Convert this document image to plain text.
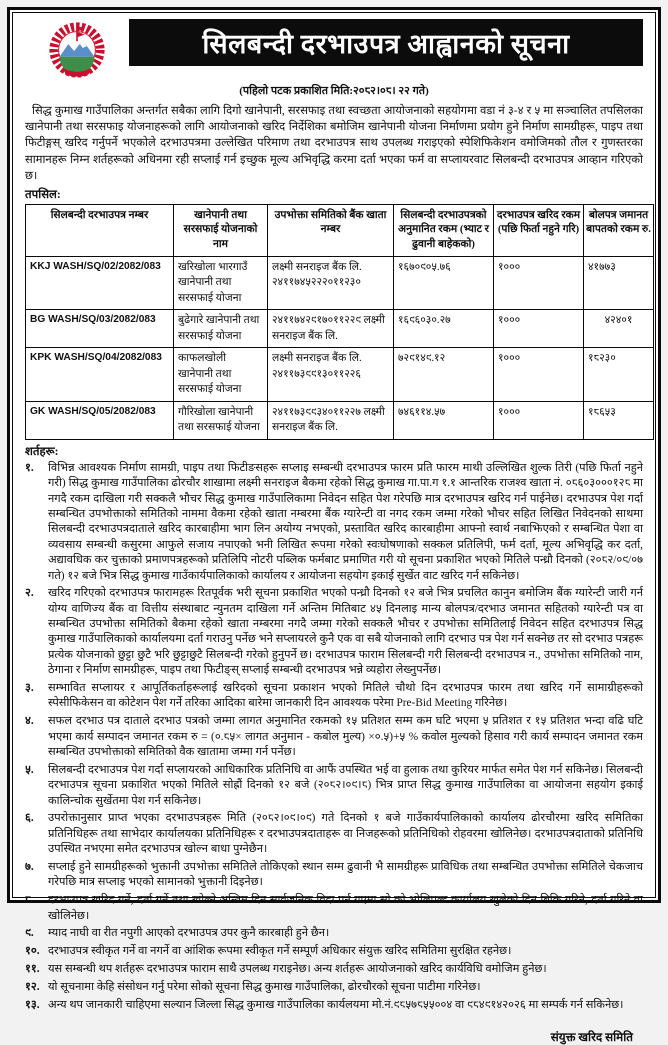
सिलबन्दी दरभाउपत्र आह्वानको सूचना
(पहिलो पटक प्रकाशित मिति:२०८२।०८। २२ गते)

सिद्ध कुमाख गाउँपालिका अन्तर्गत सबैका लागि दिगो खानेपानी, सरसफाइ तथा स्वच्छता आयोजनाको सहयोगमा वडा नं ३-४ र ५ मा सञ्चालित तपसिलका खानेपानी तथा सरसफाइ योजनाहरूको लागि आयोजनाको खरिद निर्देशिका बमोजिम खानेपानी योजना निर्माणमा प्रयोग हुने निर्माण सामग्रीहरू, पाइप तथा फिटीङ्गस् खरिद गर्नुपर्ने भएकोले दरभाउपत्रमा उल्लेखित परिमाण तथा दरभाउपत्र साथ उपलब्ध गराइएको स्पेशिफिकेशन वमोजिमको तौल र गुणस्तरका सामानहरू निम्न शर्तहरूको अधिनमा रही सप्लाई गर्न इच्छुक मूल्य अभिवृद्धि करमा दर्ता भएका फर्म वा सप्लायरवाट सिलबन्दी दरभाउपत्र आव्हान गरिएको छ।

तपसिल:
सिलबन्दी दरभाउपत्र नम्बर	खानेपानी तथा सरसफाई योजनाको नाम	उपभोक्ता समितिको बैंक खाता नम्बर	सिलबन्दी दरभाउपत्रको अनुमानित रकम (भ्याट र ढुवानी बाहेकको)	दरभाउपत्र खरिद रकम (पछि फिर्ता नहुने गरि)	बोलपत्र जमानत बापतको रकम रु.
KKJ WASH/SQ/02/2082/083	खरिखोला भारगाउँ खानेपानी तथा सरसफाई योजना	लक्ष्मी सनराइज बैंक लि. २४११७४५२२२०११२३०	१६७०९०५.७६	१०००	४१७७३
BG WASH/SQ/03/2082/083	बुढेगारे खानेपानी तथा सरसफाई योजना	२४११७४२९१७०११२२९ लक्ष्मी सनराइज बैंक लि.	१६९६०३०.२७	१०००	४२४०१
KPK WASH/SQ/04/2082/083	काफलखोली खानेपानी तथा सरसफाई योजना	लक्ष्मी सनराइज बैंक लि. २४११७३९९१३०११२२६	७२९१४९.१२	१०००	१८२३०
GK WASH/SQ/05/2082/083	गौरिखोला खानेपानी तथा सरसफाई योजना	२४११७३९९३४०११२२७ लक्ष्मी सनराइज बैंक लि.	७४६११४.५७	१०००	१८६५३
शर्तहरू:
१.	विभिन्न आवश्यक निर्माण सामग्री, पाइप तथा फिटीङसहरू सप्लाइ सम्बन्धी दरभाउपत्र फारम प्रति फारम माथी उल्लिखित शुल्क तिरी (पछि फिर्ता नहुने गरी) सिद्ध कुमाख गाउँपालिका ढोरचौर शाखामा लक्ष्मी सनराइज बैकमा रहेको सिद्ध कुमाख गा.पा.ग १.१ आन्तरिक राजश्व खाता नं. ०८६०३०००१२८ मा नगदै रकम दाखिला गरी सक्कलै भौचर सिद्ध कुमाख गाउँपालिकामा निवेदन सहित पेश गरेपछि मात्र दरभाउपत्र खरिद गर्न पाईनेछ। दरभाउपत्र पेश गर्दा सम्बन्धित उपभोक्ताको समितिको नाममा वैकमा रहेको खाता नम्बरमा बैंक ग्यारेन्टी वा नगद रकम जम्मा गरेको भौचर सहित लिखित निवेदनको साथमा सिलबन्दी दरभाउपत्रदाताले खरिद कारबाहीमा भाग लिन अयोग्य नभएको, प्रस्तावित खरिद कारबाहीमा आफ्नो स्वार्थ नबाझिएको र सम्बन्धित पेशा वा व्यवसाय सम्बन्धी कसुरमा आफुले सजाय नपाएको भनी लिखित रूपमा गरेको स्वःघोषणाको सक्कल प्रतिलिपी, फर्म दर्ता, मूल्य अभिवृद्धि कर दर्ता, अद्यावधिक कर चुक्ताको प्रमाणपत्रहरूको प्रतिलिपि नोटरी पब्लिक फर्मबाट प्रमाणित गरी यो सूचना प्रकाशित भएको मितिले पन्ध्रौ दिनको (२०८२/०९/०७ गते) १२ बजे भित्र सिद्ध कुमाख गाउँकार्यपालिकाको कार्यालय र आयोजना सहयोग इकाई सुर्खेत वाट खरिद गर्न सकिनेछ।
२.	खरिद गरिएको दरभाउपत्र फारामहरू रितपूर्वक भरी सूचना प्रकाशित भएको पन्ध्रौ दिनको १२ बजे भित्र प्रचलित कानुन बमोजिम बैंक ग्यारेन्टी जारी गर्न योग्य वाणिज्य बैंक वा वित्तीय संस्थाबाट न्युनतम दाखिला गर्ने अन्तिम मितिबाट ४५ दिनलाइ मान्य बोलपत्र/दरभाउ जमानत सहितको ग्यारेन्टी पत्र वा सम्बन्धित उपभोक्ता समितिको बैकमा रहेको खाता नम्बरमा नगदै जम्मा गरेको सक्कलै भौचर र उपभोक्ता समितिलाई निवेदन सहित दरभाउपत्र सिद्ध कुमाख गाउँपालिकाको कार्यालयमा दर्ता गराउनु पर्नेछ भने सप्लायरले कुनै एक वा सबै योजनाको लागि दरभाउ पत्र पेश गर्न सक्नेछ तर सो दरभाउ पत्रहरू प्रत्येक योजनाको छुट्टा छुटै भरि छुट्टाछुटै सिलबन्दी गरेको हुनुपर्ने छ। दरभाउपत्र फाराम सिलबन्दी गरी सिलबन्दी दरभाउपत्र न., उपभोक्ता समितिको नाम, ठेगाना र निर्माण सामग्रीहरू, पाइप तथा फिटीङ्स् सप्लाई सम्बन्धी दरभाउपत्र भन्ने व्यहोरा लेख्नुपर्नेछ।
३.	सम्भावित सप्लायर र आपूर्तिकर्ताहरूलाई खरिदको सूचना प्रकाशन भएको मितिले चौथो दिन दरभाउपत्र फारम तथा खरिद गर्ने सामाग्रीहरूको स्पेसीफिकेसन वा कोटेशन पेश गर्ने तरिका आदिका बारेमा जानकारी दिन आवश्यक परेमा Pre-Bid Meeting गरिनेछ।
४.	सफल दरभाउ पत्र दाताले दरभाउ पत्रको जम्मा लागत अनुमानित रकमको १५ प्रतिशत सम्म कम घटि भएमा ५ प्रतिशत र १५ प्रतिशत भन्दा वढि घटि भएमा कार्य सम्पादन जमानत रकम रु = (०.८५× लागत अनुमान - कबोल मुल्य) ×०.५)+५ % कवोल मुल्यको हिसाव गरी कार्य सम्पादन जमानत रकम सम्बन्धित उपभोक्ताको समितिको वैक खातामा जम्मा गर्न पर्नेछ।
५.	सिलबन्दी दरभाउपत्र पेश गर्दा सप्लायरको आधिकारिक प्रतिनिधि वा आफैं उपस्थित भई वा हुलाक तथा कुरियर मार्फत समेत पेश गर्न सकिनेछ। सिलबन्दी दरभाउपत्र सूचना प्रकाशित भएको मितिले सोह्रौं दिनको १२ बजे (२०८२।०९।८) भित्र प्राप्त सिद्ध कुमाख गाउँपालिका वा आयोजना सहयोग इकाई कालिन्चोक सुर्खेतमा पेश गर्न सकिनेछ।
६.	उपरोक्तानुसार प्राप्त भएका दरभाउपत्रहरू मिति (२०८२।०९।०९) गते दिनको १ बजे गाउँकार्यपालिकाको कार्यालय ढोरचौरमा खरिद समितिका प्रतिनिधिहरू तथा साभेदार कार्यालयका प्रतिनिधिहरू र दरभाउपत्रदाताहरू वा निजहरूको प्रतिनिधिको रोहवरमा खोलिनेछ। दरभाउपत्रदाताको प्रतिनिधि उपस्थित नभएमा समेत दरभाउपत्र खोल्न बाधा पुग्नेछैन।
७.	सप्लाई हुने सामग्रीहरूको भुक्तानी उपभोक्ता समितिले तोकिएको स्थान सम्म ढुवानी भै सामग्रीहरू प्राविधिक तथा सम्बन्धित उपभोक्ता समितिले चेकजाच गरेपछि मात्र सप्लाइ भएको सामानको भुक्तानी दिइनेछ।
८.	दरभाउपत्र खरिद गर्ने, दर्ता गर्ने तथा खोल्ने अन्तिम दिन सार्वजनिक विदा पर्न गएमा सो को भोलिपल्ट कार्यालय खुलेको दिन बिक्रि गरिने, दर्ता गरिने वा खोलिनेछ।
९.	म्याद नाघी वा रीत नपुगी आएको दरभाउपत्र उपर कुनै कारबाही हुने छैन।
१०. दरभाउपत्र स्वीकृत गर्ने वा नगर्ने वा आंशिक रूपमा स्वीकृत गर्ने सम्पूर्ण अधिकार संयुक्त खरिद समितिमा सुरक्षित रहनेछ।
११. यस सम्बन्धी थप शर्तहरू दरभाउपत्र फाराम साथै उपलब्ध गराइनेछ। अन्य शर्तहरू आयोजनाको खरिद कार्यविधि वमोजिम हुनेछ।
१२. यो सूचनामा केहि संसोधन गर्नु परेमा सोको सूचना सिद्ध कुमाख गाउँपालिका, ढोरचौरको सूचना पाटीमा गरिनेछ।
१३. अन्य थप जानकारी चाहिएमा सल्यान जिल्ला सिद्ध कुमाख गाउँपालिका कार्यलयमा मो.नं.९८५७८५५००४ वा ९८४९१४२०२६ मा सम्पर्क गर्न सकिनेछ।
संयुक्त खरिद समिति
